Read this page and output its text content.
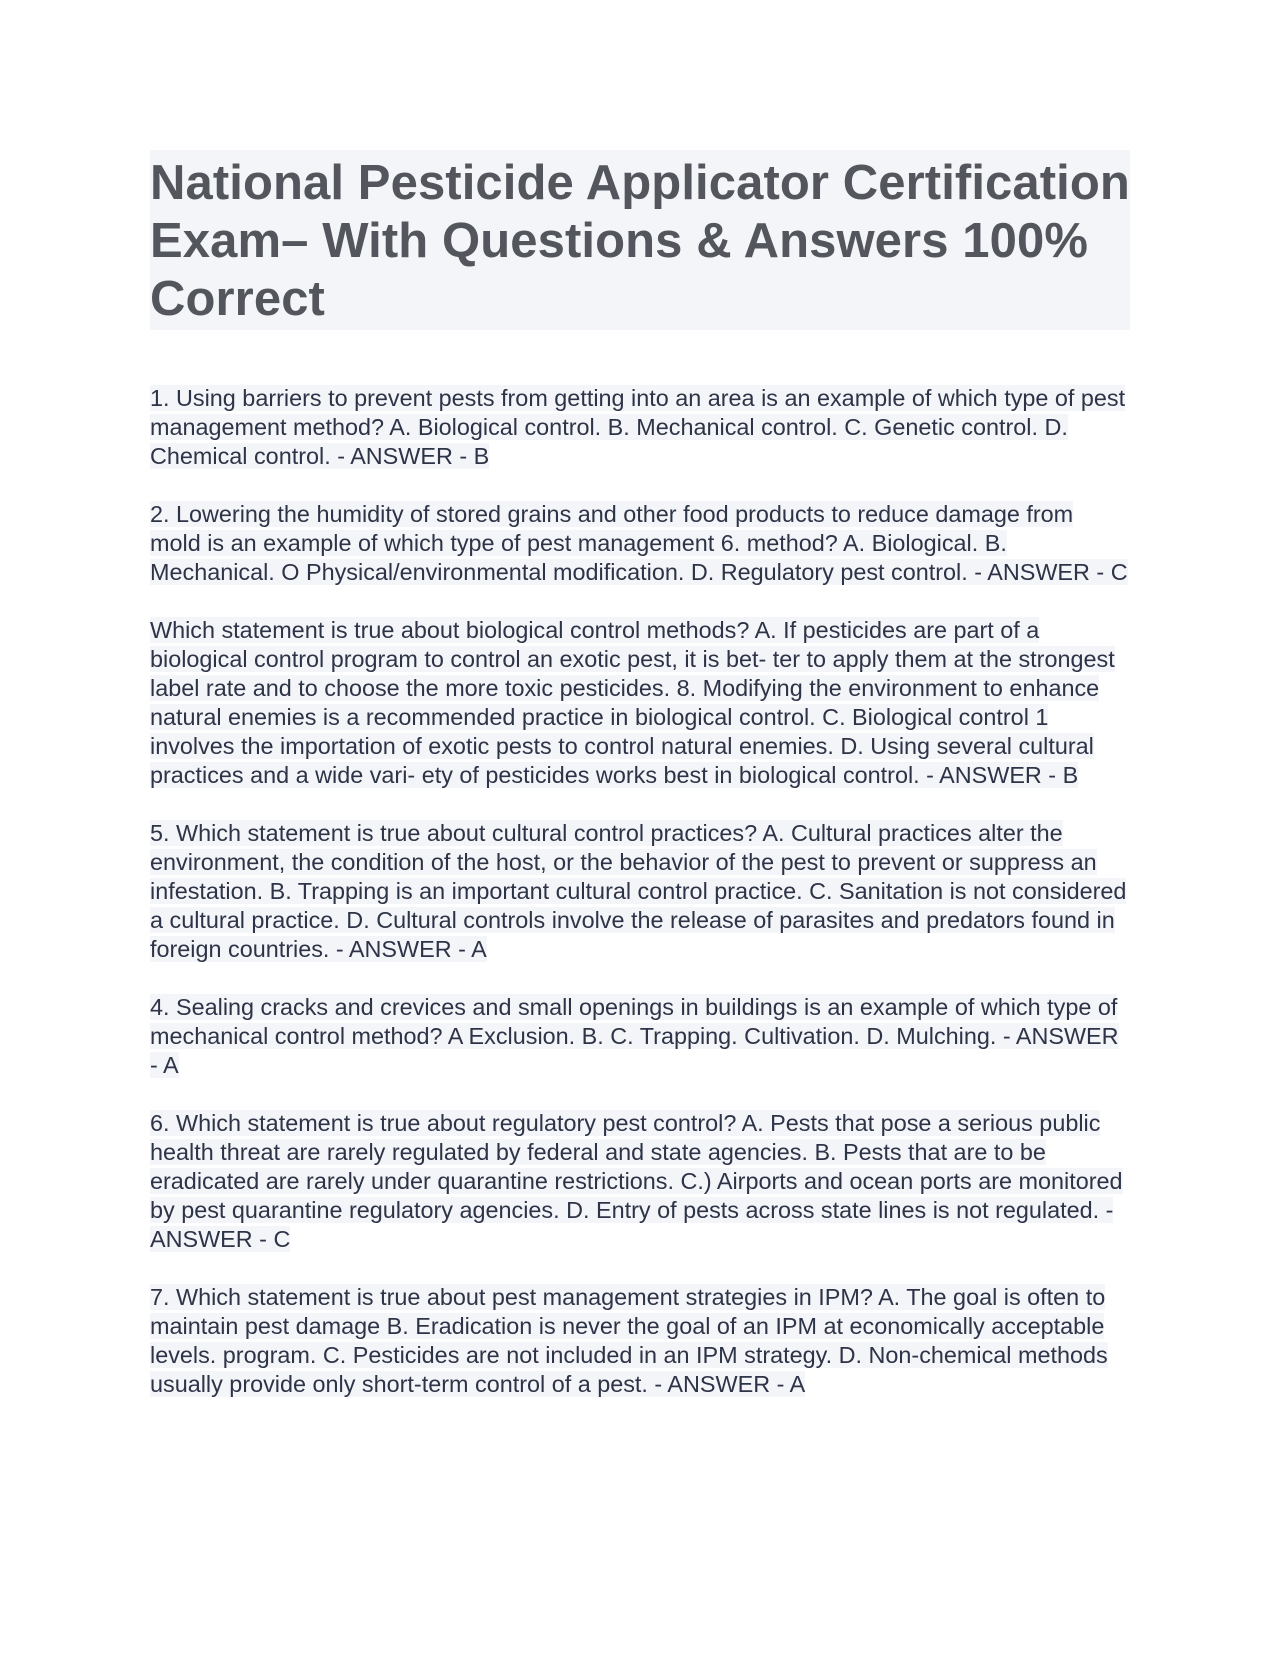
National Pesticide Applicator Certification Exam– With Questions & Answers 100% Correct

1. Using barriers to prevent pests from getting into an area is an example of which type of pest management method? A. Biological control. B. Mechanical control. C. Genetic control. D. Chemical control. - ANSWER - B

2. Lowering the humidity of stored grains and other food products to reduce damage from mold is an example of which type of pest management 6. method? A. Biological. B. Mechanical. O Physical/environmental modification. D. Regulatory pest control. - ANSWER - C

Which statement is true about biological control methods? A. If pesticides are part of a biological control program to control an exotic pest, it is bet- ter to apply them at the strongest label rate and to choose the more toxic pesticides. 8. Modifying the environment to enhance natural enemies is a recommended practice in biological control. C. Biological control 1 involves the importation of exotic pests to control natural enemies. D. Using several cultural practices and a wide vari- ety of pesticides works best in biological control. - ANSWER - B

5. Which statement is true about cultural control practices? A. Cultural practices alter the environment, the condition of the host, or the behavior of the pest to prevent or suppress an infestation. B. Trapping is an important cultural control practice. C. Sanitation is not considered a cultural practice. D. Cultural controls involve the release of parasites and predators found in foreign countries. - ANSWER - A

4. Sealing cracks and crevices and small openings in buildings is an example of which type of mechanical control method? A Exclusion. B. C. Trapping. Cultivation. D. Mulching. - ANSWER - A

6. Which statement is true about regulatory pest control? A. Pests that pose a serious public health threat are rarely regulated by federal and state agencies. B. Pests that are to be eradicated are rarely under quarantine restrictions. C.) Airports and ocean ports are monitored by pest quarantine regulatory agencies. D. Entry of pests across state lines is not regulated. - ANSWER - C

7. Which statement is true about pest management strategies in IPM? A. The goal is often to maintain pest damage B. Eradication is never the goal of an IPM at economically acceptable levels. program. C. Pesticides are not included in an IPM strategy. D. Non-chemical methods usually provide only short-term control of a pest. - ANSWER - A
